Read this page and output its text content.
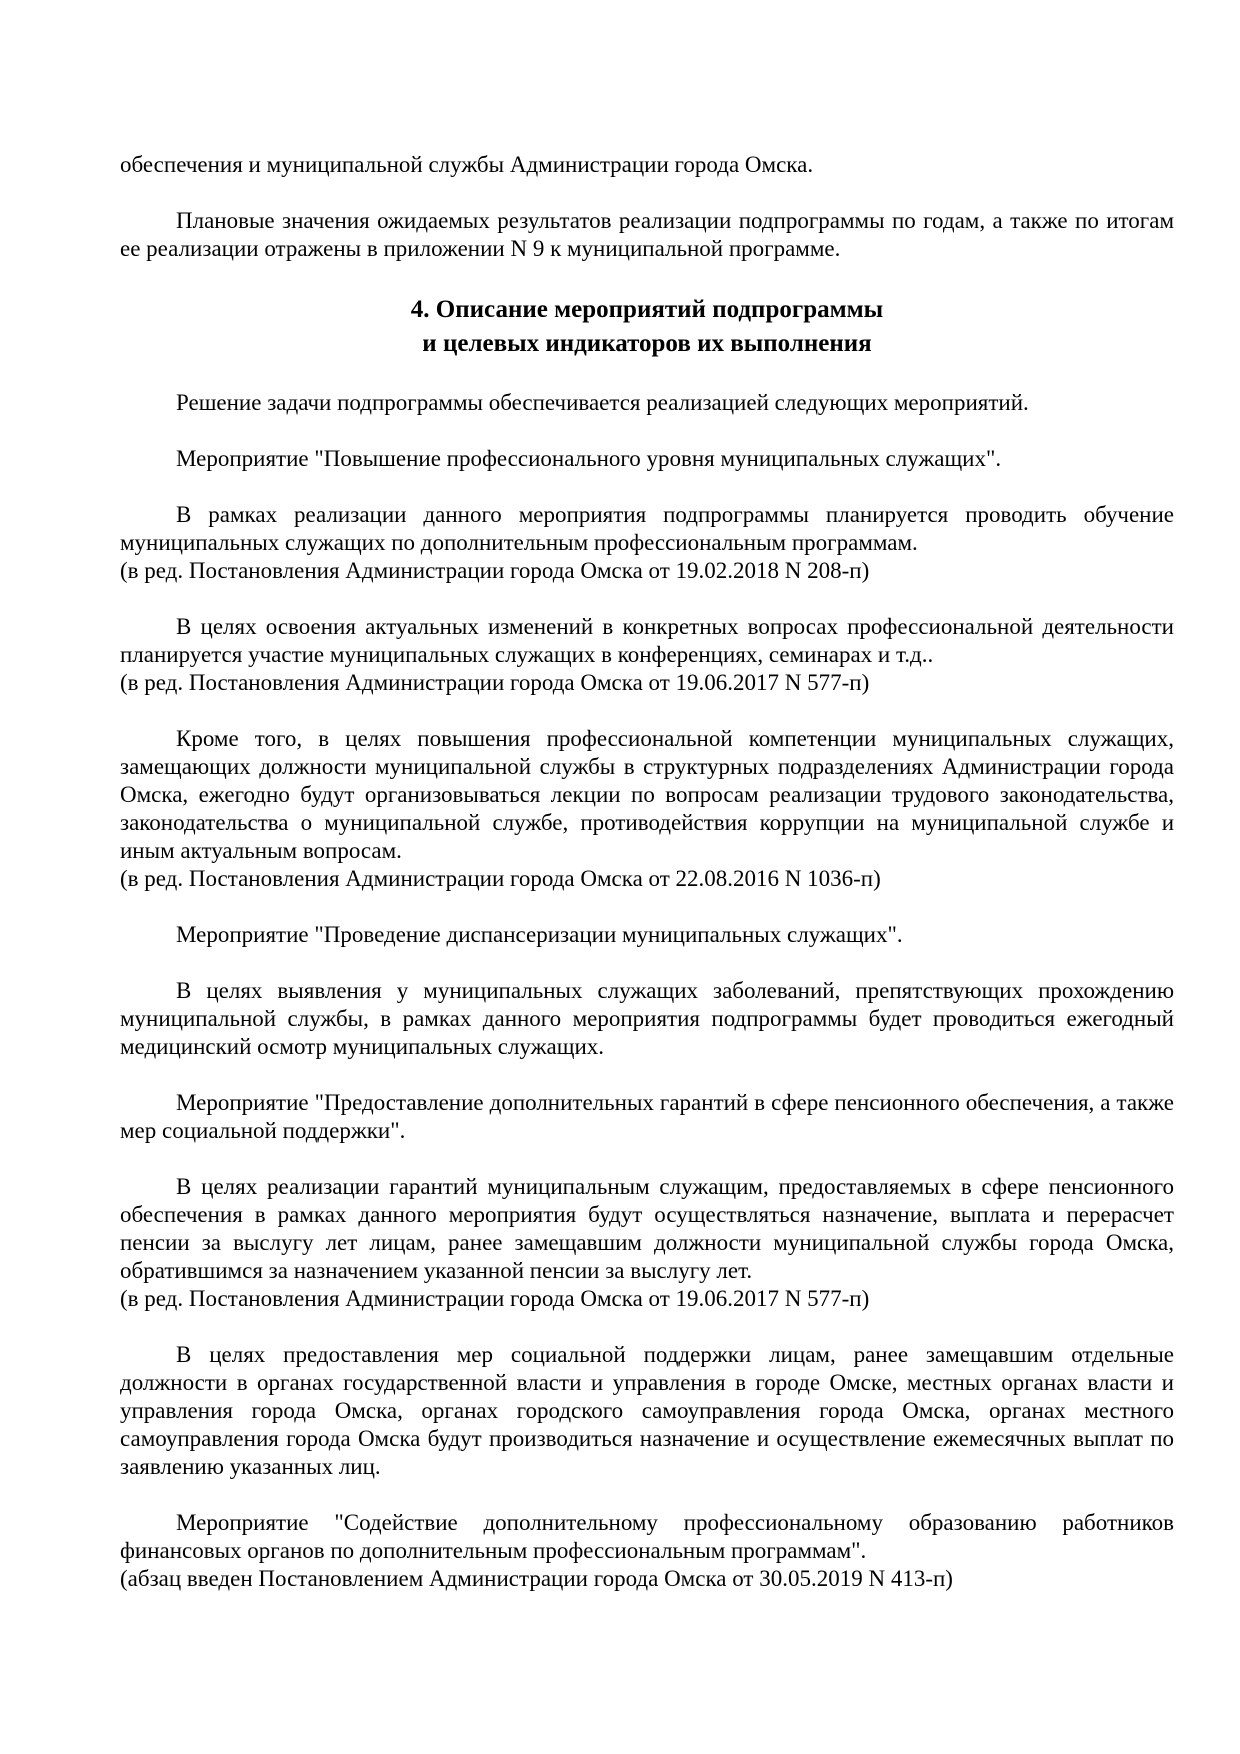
обеспечения и муниципальной службы Администрации города Омска.

Плановые значения ожидаемых результатов реализации подпрограммы по годам, а также по итогам ее реализации отражены в приложении N 9 к муниципальной программе.

4. Описание мероприятий подпрограммы
и целевых индикаторов их выполнения

Решение задачи подпрограммы обеспечивается реализацией следующих мероприятий.

Мероприятие "Повышение профессионального уровня муниципальных служащих".

В рамках реализации данного мероприятия подпрограммы планируется проводить обучение муниципальных служащих по дополнительным профессиональным программам.

(в ред. Постановления Администрации города Омска от 19.02.2018 N 208-п)

В целях освоения актуальных изменений в конкретных вопросах профессиональной деятельности планируется участие муниципальных служащих в конференциях, семинарах и т.д..

(в ред. Постановления Администрации города Омска от 19.06.2017 N 577-п)

Кроме того, в целях повышения профессиональной компетенции муниципальных служащих, замещающих должности муниципальной службы в структурных подразделениях Администрации города Омска, ежегодно будут организовываться лекции по вопросам реализации трудового законодательства, законодательства о муниципальной службе, противодействия коррупции на муниципальной службе и иным актуальным вопросам.

(в ред. Постановления Администрации города Омска от 22.08.2016 N 1036-п)

Мероприятие "Проведение диспансеризации муниципальных служащих".

В целях выявления у муниципальных служащих заболеваний, препятствующих прохождению муниципальной службы, в рамках данного мероприятия подпрограммы будет проводиться ежегодный медицинский осмотр муниципальных служащих.

Мероприятие "Предоставление дополнительных гарантий в сфере пенсионного обеспечения, а также мер социальной поддержки".

В целях реализации гарантий муниципальным служащим, предоставляемых в сфере пенсионного обеспечения в рамках данного мероприятия будут осуществляться назначение, выплата и перерасчет пенсии за выслугу лет лицам, ранее замещавшим должности муниципальной службы города Омска, обратившимся за назначением указанной пенсии за выслугу лет.

(в ред. Постановления Администрации города Омска от 19.06.2017 N 577-п)

В целях предоставления мер социальной поддержки лицам, ранее замещавшим отдельные должности в органах государственной власти и управления в городе Омске, местных органах власти и управления города Омска, органах городского самоуправления города Омска, органах местного самоуправления города Омска будут производиться назначение и осуществление ежемесячных выплат по заявлению указанных лиц.

Мероприятие "Содействие дополнительному профессиональному образованию работников финансовых органов по дополнительным профессиональным программам".

(абзац введен Постановлением Администрации города Омска от 30.05.2019 N 413-п)
